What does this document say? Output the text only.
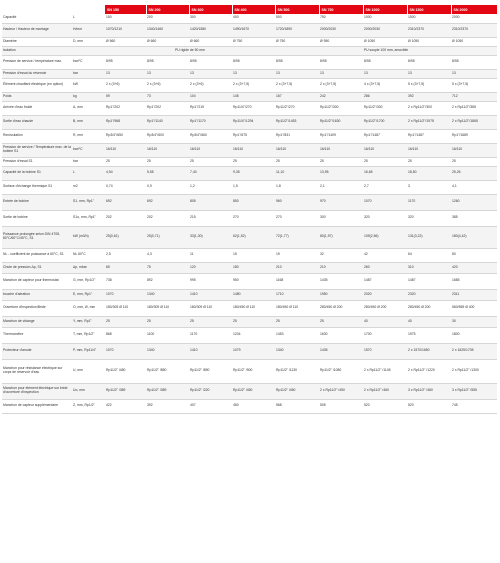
		SN 150	SN 200	SN 300	SN 400	SN 500	SN 750	SN 1000	SN 1500	SN 2000
Capacité	L	150	200	300	400	500	750	1000	1500	2000
Hauteur / Hauteur de montage	H/mm	1070/1210	1340/1460	1420/1580	1490/1670	1720/1890	2000/2030	2000/2030	2310/2370	2310/2370
Diamètre	D, mm	Ø 560	Ø 660	Ø 660	Ø 750	Ø 750	Ø 950	Ø 1050	Ø 1050	Ø 1050
Isolation		PU rigide de 50 mm				PU souple 100 mm, amovible				
Pression de service / température max.	bar/ºC	8/95	8/95	8/95	8/95	8/95	8/95	8/95	8/95	8/95
Pression d'essai du réservoir	bar	13	13	13	13	13	13	13	13	13
Élément chauffant électrique (en option)	kW	2 x (3+6)	2 x (3+6)	2 x (3+6)	2 x (3+7,5)	2 x (3+7,5)	2 x (3+7,5)	4 x (3+7,5)	5 x (3+7,5)	5 x (3+7,5)
Poids	kg	59	73	104	145	167	242	286	392	712
Arrivée d'eau froide	A, mm	Rp1"/202	Rp1"/202	Rp1"/215	Rp11/4"/270	Rp11/2"/270	Rp11/2"/300	Rp11/2"/300	2 x Rp11/2"/300	2 x Rp11/2"/385
Sortie d'eau chaude	B, mm	Rp1"/968	Rp1"/1140	Rp1"/1170	Rp11/4"/1294	Rp11/2"/1453	Rp11/2"/1630	Rp11/2"/1700	2 x Rp11/2"/1975	2 x Rp11/2"/1865
Recirculation	R, mm	Rp3/4"/650	Rp3/4"/600	Rp3/4"/660	Rp1"/675	Rp1"/831	Rp1"/1409	Rp1"/1487	Rp1"/1487	Rp1"/1689
Pression de service / Température max. de la bobine S1	bar/ºC	16/110	16/110	16/110	16/110	16/110	16/110	16/110	16/110	16/110
Pression d'essai S1	bar	25	25	25	25	25	25	25	25	25
Capacité de la bobine S1	L	4,54	5,55	7,40	9,35	11,10	13,95	16,65	18,50	25,26
Surface d'échange thermique S1	m2	0,74	0,9	1,2	1,5	1,8	2,1	2,7	3	4,1
Entrée de bobine	S1, mm, Rp1"	692	692	805	850	960	970	1070	1170	1260
Sortie de bobine	S1o, mm, Rp1"	202	202	215	270	270	300	320	320	385
Puissance prolongée selon DIN 4708, 80°C/60°C/45°C, S1	kW (m3/h)	25(0,61)	25(0,71)	33(1,30)	62(1,52)	72(1,77)	80(1,97)	109(2,56)	131(3,22)	180(4,42)
NL - coefficient de puissance à 60°C, S1	NL 60°C	2,5	4,3	11	15	19	32	42	64	80
Chute de pression Δp, S1	Δp, mbar	65	75	120	180	210	210	260	310	420
Manchon de capteur pour thermostat	G, mm, Rp1/2"	738	892	995	950	1168	1435	1487	1487	1685
bouche d'aération	E, mm, Rp1"	1070	1340	1410	1480	1710	1950	2020	2320	2311
Ouverture d'inspection/Bride	O, mm, Ø, mm	180/305 Ø 110	180/309 Ø 110	180/309 Ø 110	180/450 Ø 110	180/450 Ø 110	280/450 Ø 200	280/450 Ø 200	280/450 Ø 200	560/555 Ø 400
Manchon de vidange	Y, mm, Rp1"	25	25	25	25	25	25	40	40	30
Thermomètre	T, mm, Rp1/2"	868	1100	1170	1204	1453	1630	1700	1975	1800
Protecteur d'anode	P, mm, Rp11/4"	1070	1340	1410	1079	1340	1435	1570	2 x 1570/1650	2 x 1625/1705
Manchon pour résistance électrique sur corps de réservoir d'eau	U, mm	Rp11/2" /480	Rp11/2" /850	Rp11/2" /890	Rp11/2" /900	Rp11/2" /1130	Rp11/2" /1080	2 x Rp11/2" /1145	2 x Rp11/2" /1220	2 x Rp11/2" /1300
Manchon pour élément électrique sur bride d'ouverture d'inspection	Uo, mm	Rp11/2" /389	Rp11/2" /389	Rp11/2" /220	Rp11/2" /450	Rp11/2" /450	2 x Rp11/2" /450	2 x Rp11/2" /460	3 x Rp11/2" /460	3 x Rp11/2" /555
Manchon de capteur supplémentaire	Z, mm, Rp1/2"	422	392	407	450	568	505	520	520	745
